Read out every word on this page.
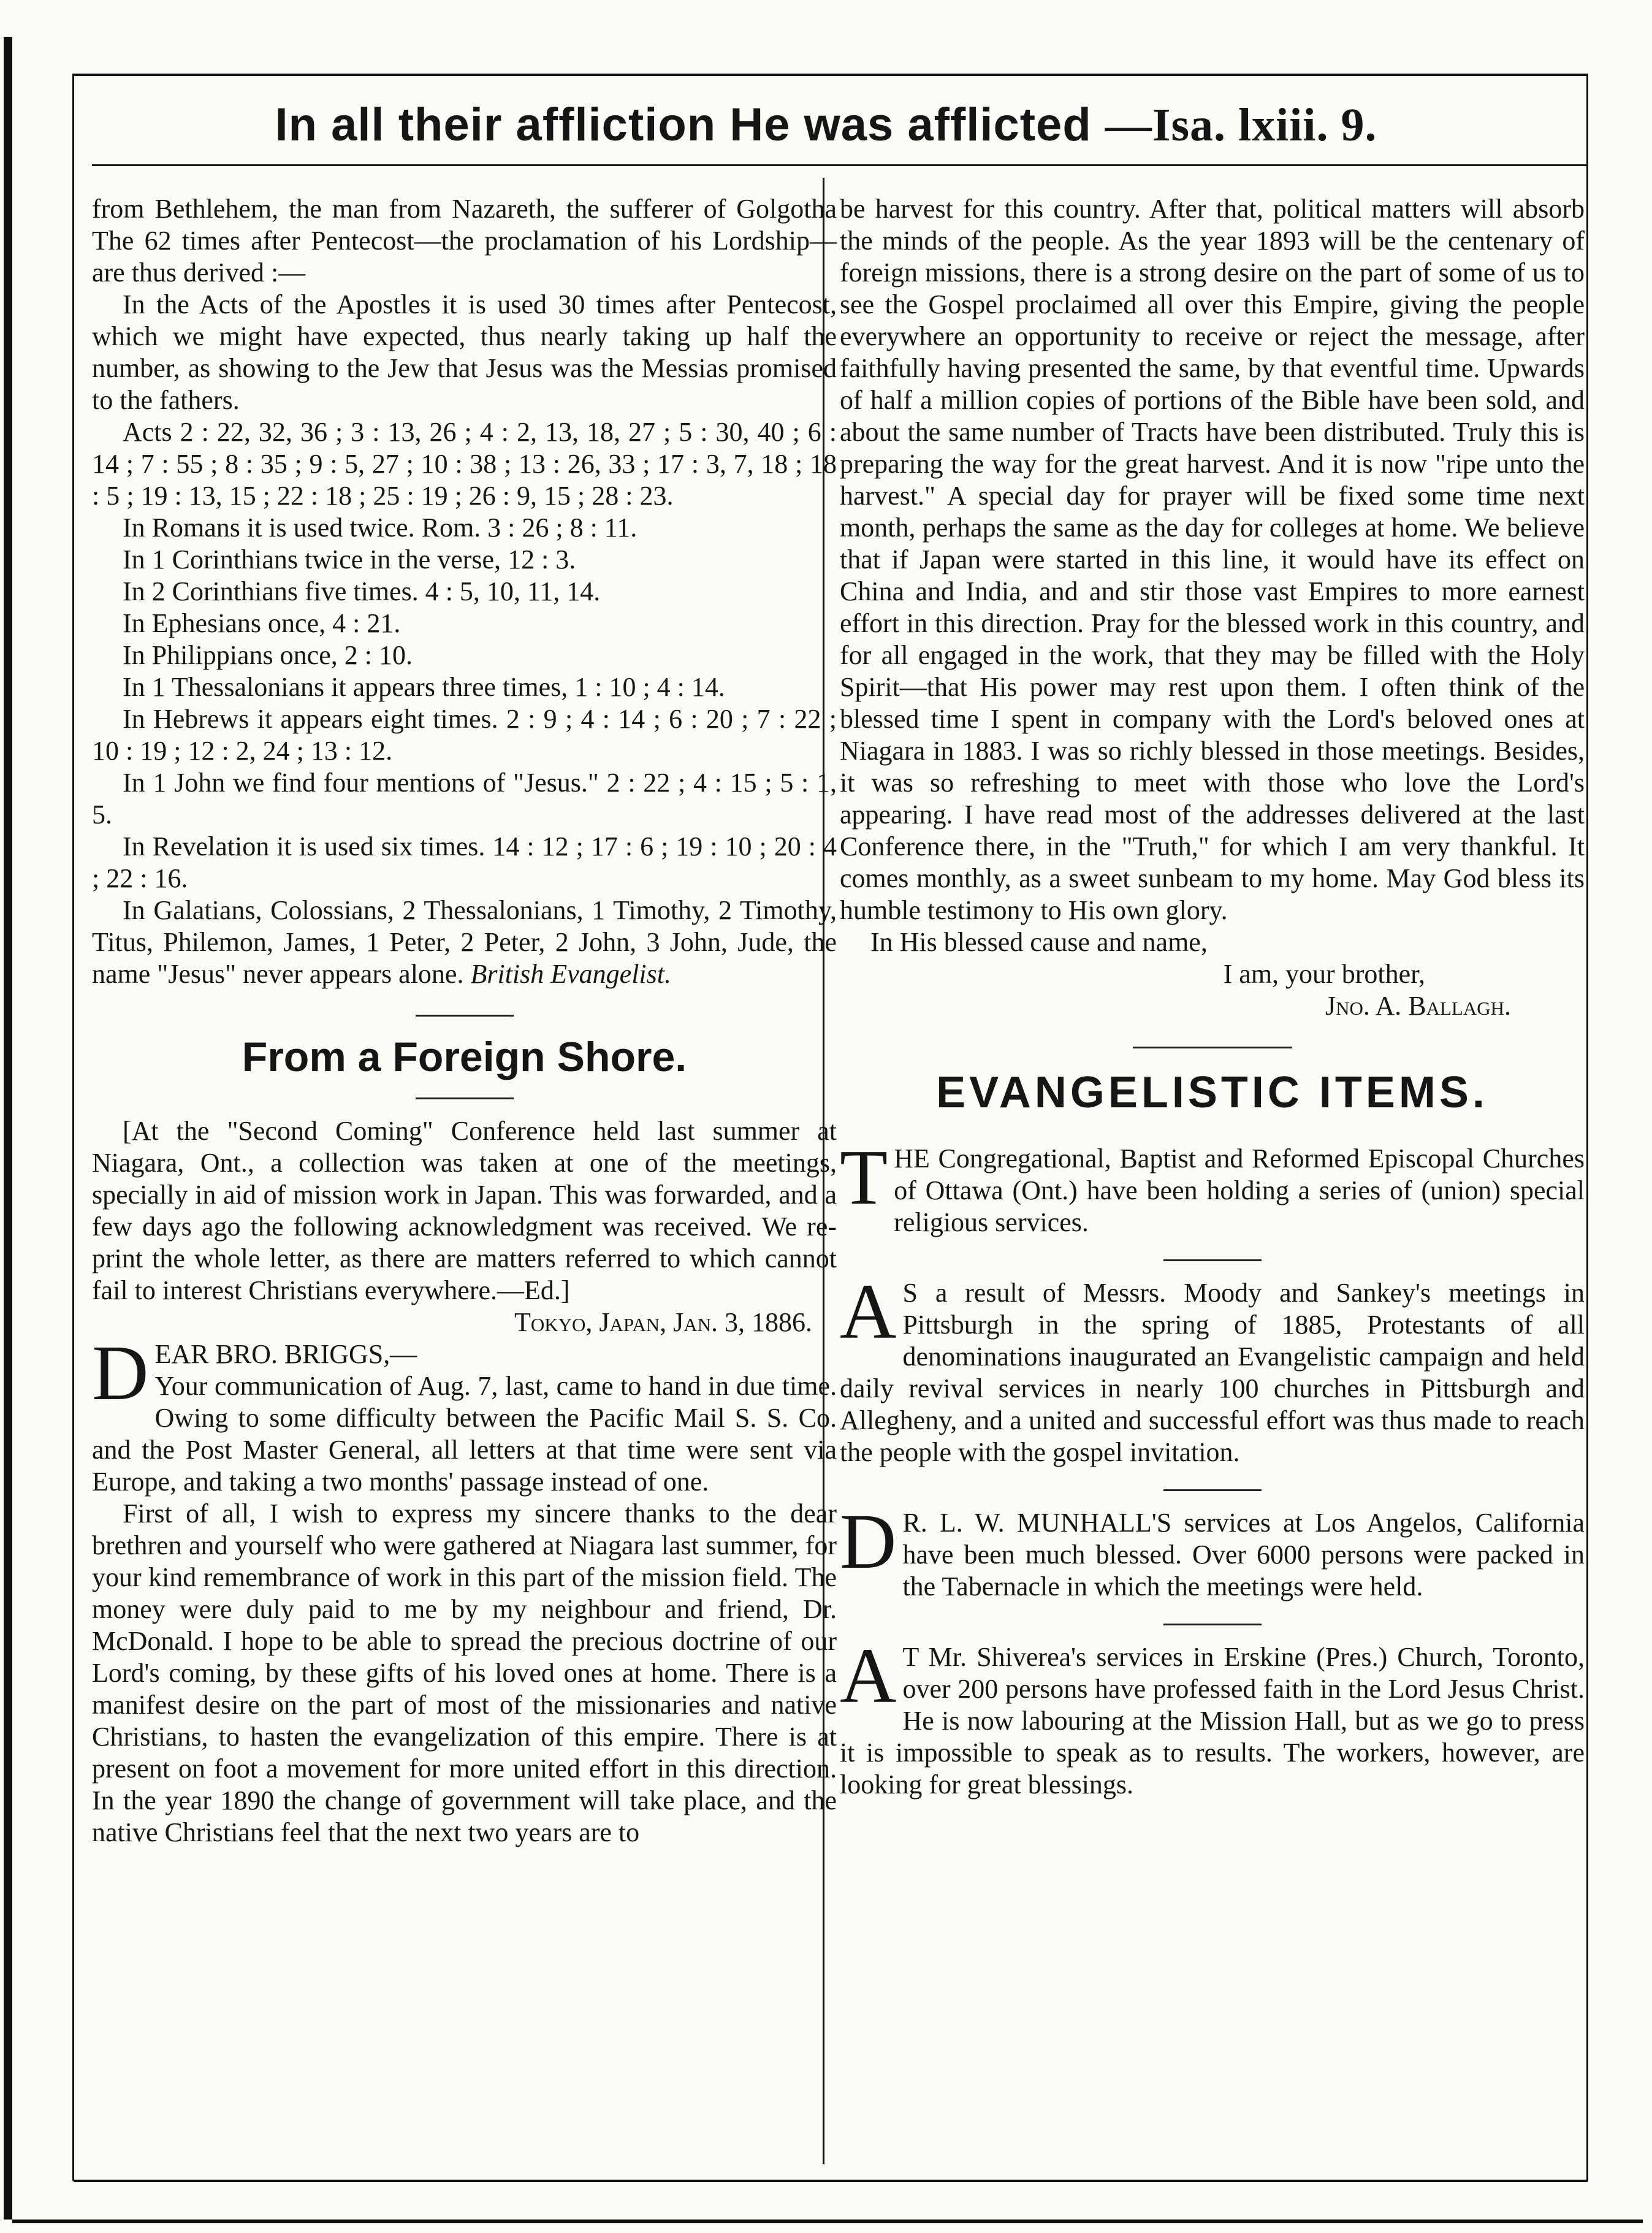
In all their affliction He was afflicted —Isa. lxiii. 9.

from Bethlehem, the man from Nazareth, the sufferer of Golgotha The 62 times after Pentecost—the proclamation of his Lordship—are thus derived :—

In the Acts of the Apostles it is used 30 times after Pentecost, which we might have expected, thus nearly taking up half the number, as showing to the Jew that Jesus was the Messias promised to the fathers.

Acts 2 : 22, 32, 36 ; 3 : 13, 26 ; 4 : 2, 13, 18, 27 ; 5 : 30, 40 ; 6 : 14 ; 7 : 55 ; 8 : 35 ; 9 : 5, 27 ; 10 : 38 ; 13 : 26, 33 ; 17 : 3, 7, 18 ; 18 : 5 ; 19 : 13, 15 ; 22 : 18 ; 25 : 19 ; 26 : 9, 15 ; 28 : 23.

In Romans it is used twice. Rom. 3 : 26 ; 8 : 11.

In 1 Corinthians twice in the verse, 12 : 3.

In 2 Corinthians five times. 4 : 5, 10, 11, 14.

In Ephesians once, 4 : 21.

In Philippians once, 2 : 10.

In 1 Thessalonians it appears three times, 1 : 10 ; 4 : 14.

In Hebrews it appears eight times. 2 : 9 ; 4 : 14 ; 6 : 20 ; 7 : 22 ; 10 : 19 ; 12 : 2, 24 ; 13 : 12.

In 1 John we find four mentions of "Jesus." 2 : 22 ; 4 : 15 ; 5 : 1, 5.

In Revelation it is used six times. 14 : 12 ; 17 : 6 ; 19 : 10 ; 20 : 4 ; 22 : 16.

In Galatians, Colossians, 2 Thessalonians, 1 Timothy, 2 Timothy, Titus, Philemon, James, 1 Peter, 2 Peter, 2 John, 3 John, Jude, the name "Jesus" never appears alone. British Evangelist.

From a Foreign Shore.

[At the "Second Coming" Conference held last summer at Niagara, Ont., a collection was taken at one of the meetings, specially in aid of mission work in Japan. This was forwarded, and a few days ago the following acknowledgment was received. We re-print the whole letter, as there are matters referred to which cannot fail to interest Christians everywhere.—Ed.]

Tokyo, Japan, Jan. 3, 1886.

D EAR BRO. BRIGGS,—
Your communication of Aug. 7, last, came to hand in due time. Owing to some difficulty between the Pacific Mail S. S. Co. and the Post Master General, all letters at that time were sent via Europe, and taking a two months' passage instead of one.

First of all, I wish to express my sincere thanks to the dear brethren and yourself who were gathered at Niagara last summer, for your kind remembrance of work in this part of the mission field. The money were duly paid to me by my neighbour and friend, Dr. McDonald. I hope to be able to spread the precious doctrine of our Lord's coming, by these gifts of his loved ones at home. There is a manifest desire on the part of most of the missionaries and native Christians, to hasten the evangelization of this empire. There is at present on foot a movement for more united effort in this direction. In the year 1890 the change of government will take place, and the native Christians feel that the next two years are to

be harvest for this country. After that, political matters will absorb the minds of the people. As the year 1893 will be the centenary of foreign missions, there is a strong desire on the part of some of us to see the Gospel proclaimed all over this Empire, giving the people everywhere an opportunity to receive or reject the message, after faithfully having presented the same, by that eventful time. Upwards of half a million copies of portions of the Bible have been sold, and about the same number of Tracts have been distributed. Truly this is preparing the way for the great harvest. And it is now "ripe unto the harvest." A special day for prayer will be fixed some time next month, perhaps the same as the day for colleges at home. We believe that if Japan were started in this line, it would have its effect on China and India, and and stir those vast Empires to more earnest effort in this direction. Pray for the blessed work in this country, and for all engaged in the work, that they may be filled with the Holy Spirit—that His power may rest upon them. I often think of the blessed time I spent in company with the Lord's beloved ones at Niagara in 1883. I was so richly blessed in those meetings. Besides, it was so refreshing to meet with those who love the Lord's appearing. I have read most of the addresses delivered at the last Conference there, in the "Truth," for which I am very thankful. It comes monthly, as a sweet sunbeam to my home. May God bless its humble testimony to His own glory.

In His blessed cause and name,

I am, your brother,

Jno. A. Ballagh.

EVANGELISTIC ITEMS.

T HE Congregational, Baptist and Reformed Episcopal Churches of Ottawa (Ont.) have been holding a series of (union) special religious services.

A S a result of Messrs. Moody and Sankey's meetings in Pittsburgh in the spring of 1885, Protestants of all denominations inaugurated an Evangelistic campaign and held daily revival services in nearly 100 churches in Pittsburgh and Allegheny, and a united and successful effort was thus made to reach the people with the gospel invitation.

D R. L. W. MUNHALL'S services at Los Angelos, California have been much blessed. Over 6000 persons were packed in the Tabernacle in which the meetings were held.

A T Mr. Shiverea's services in Erskine (Pres.) Church, Toronto, over 200 persons have professed faith in the Lord Jesus Christ. He is now labouring at the Mission Hall, but as we go to press it is impossible to speak as to results. The workers, however, are looking for great blessings.
